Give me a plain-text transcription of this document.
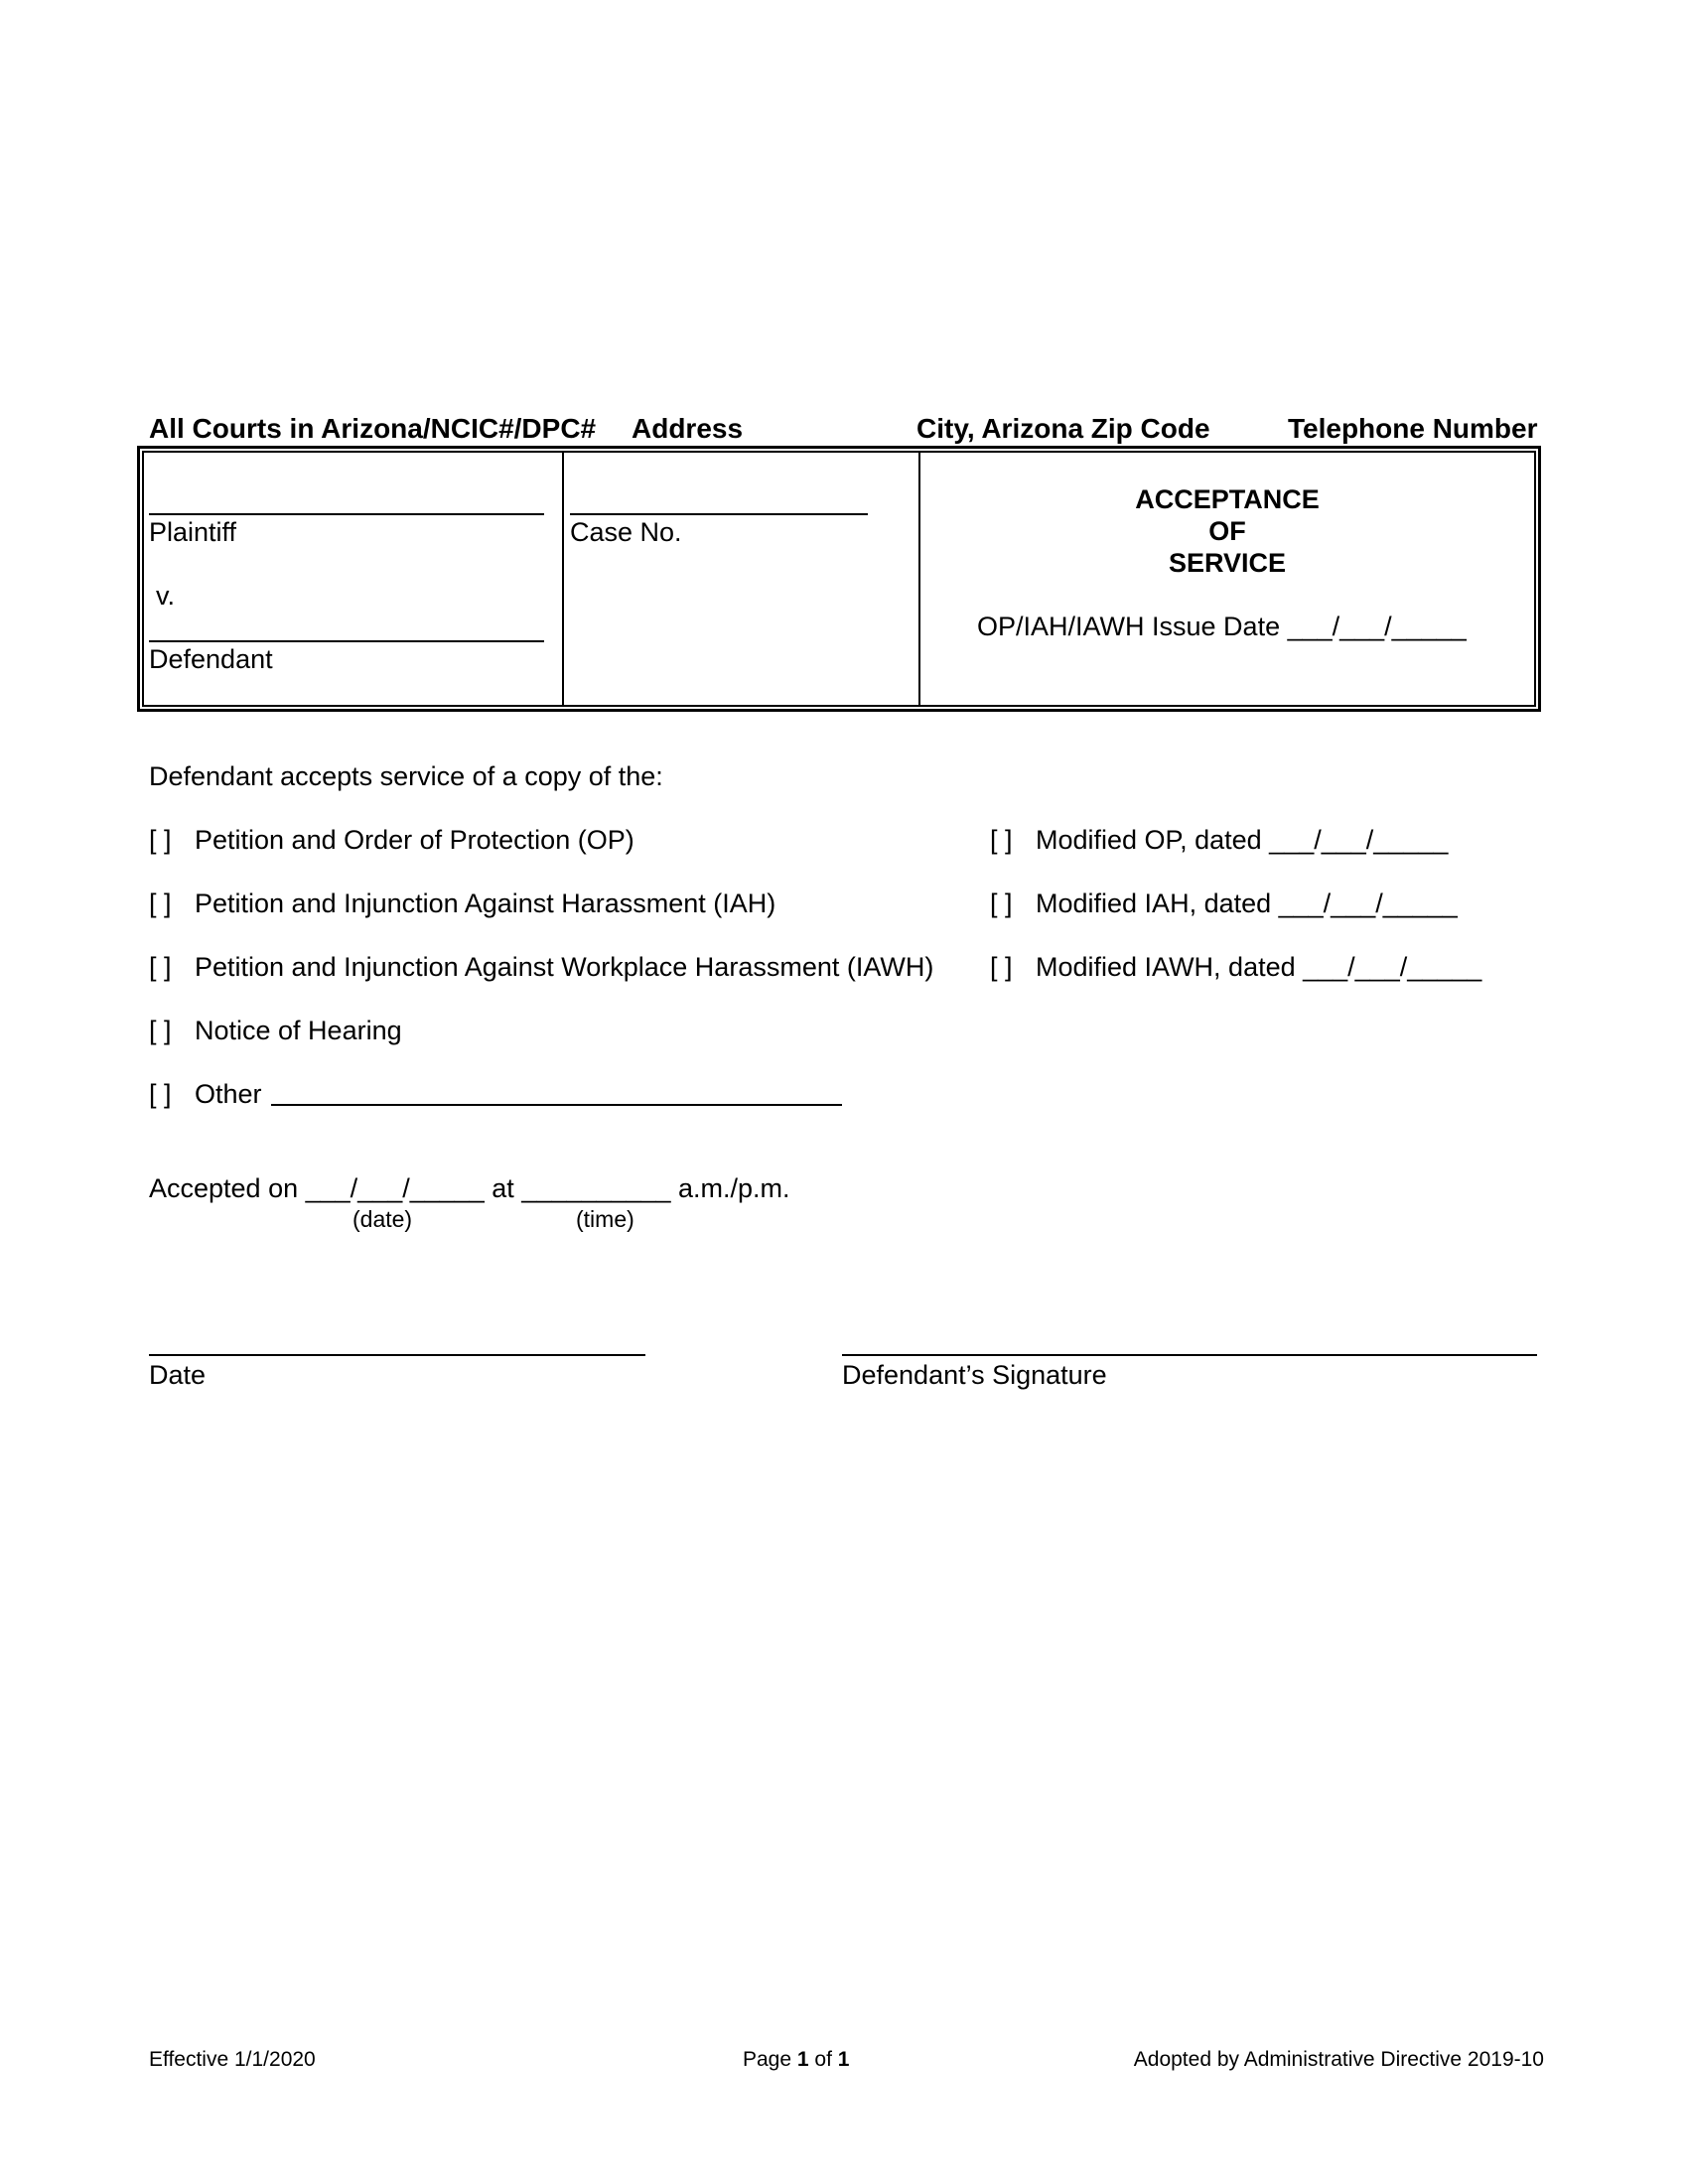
All Courts in Arizona/NCIC#/DPC# Address	City, Arizona Zip Code	Telephone Number
Plaintiff
v.
Defendant
Case No.
ACCEPTANCE
OF
SERVICE
OP/IAH/IAWH Issue Date ___/___/_____
Defendant accepts service of a copy of the:
[ ] Petition and Order of Protection (OP)
[ ] Petition and Injunction Against Harassment (IAH)
[ ] Petition and Injunction Against Workplace Harassment (IAWH)
[ ] Notice of Hearing
[ ] Other
[ ] Modified OP, dated ___/___/_____
[ ] Modified IAH, dated ___/___/_____
[ ] Modified IAWH, dated ___/___/_____
Accepted on ___/___/_____ at __________ a.m./p.m.
(date)	(time)
Date	Defendant’s Signature
Effective 1/1/2020	Page 1 of 1	Adopted by Administrative Directive 2019-10
